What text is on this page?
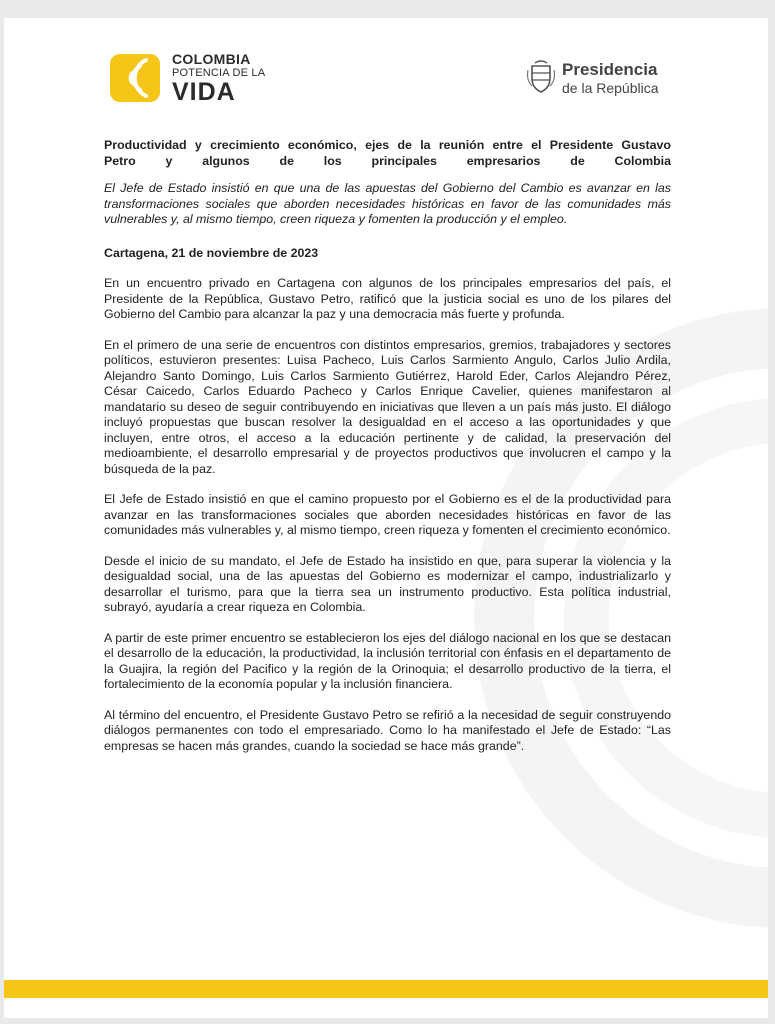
COLOMBIA
POTENCIA DE LA
VIDA
Presidencia
de la República

Productividad y crecimiento económico, ejes de la reunión entre el Presidente Gustavo
Petro y algunos de los principales empresarios de Colombia

El Jefe de Estado insistió en que una de las apuestas del Gobierno del Cambio es avanzar en las transformaciones sociales que aborden necesidades históricas en favor de las comunidades más vulnerables y, al mismo tiempo, creen riqueza y fomenten la producción y el empleo.

Cartagena, 21 de noviembre de 2023

En un encuentro privado en Cartagena con algunos de los principales empresarios del país, el Presidente de la República, Gustavo Petro, ratificó que la justicia social es uno de los pilares del Gobierno del Cambio para alcanzar la paz y una democracia más fuerte y profunda.

En el primero de una serie de encuentros con distintos empresarios, gremios, trabajadores y sectores políticos, estuvieron presentes: Luisa Pacheco, Luis Carlos Sarmiento Angulo, Carlos Julio Ardila, Alejandro Santo Domingo, Luis Carlos Sarmiento Gutiérrez, Harold Eder, Carlos Alejandro Pérez, César Caicedo, Carlos Eduardo Pacheco y Carlos Enrique Cavelier, quienes manifestaron al mandatario su deseo de seguir contribuyendo en iniciativas que lleven a un país más justo. El diálogo incluyó propuestas que buscan resolver la desigualdad en el acceso a las oportunidades y que incluyen, entre otros, el acceso a la educación pertinente y de calidad, la preservación del medioambiente, el desarrollo empresarial y de proyectos productivos que involucren el campo y la búsqueda de la paz.

El Jefe de Estado insistió en que el camino propuesto por el Gobierno es el de la productividad para avanzar en las transformaciones sociales que aborden necesidades históricas en favor de las comunidades más vulnerables y, al mismo tiempo, creen riqueza y fomenten el crecimiento económico.

Desde el inicio de su mandato, el Jefe de Estado ha insistido en que, para superar la violencia y la desigualdad social, una de las apuestas del Gobierno es modernizar el campo, industrializarlo y desarrollar el turismo, para que la tierra sea un instrumento productivo. Esta política industrial, subrayó, ayudaría a crear riqueza en Colombia.

A partir de este primer encuentro se establecieron los ejes del diálogo nacional en los que se destacan el desarrollo de la educación, la productividad, la inclusión territorial con énfasis en el departamento de la Guajira, la región del Pacifico y la región de la Orinoquia; el desarrollo productivo de la tierra, el fortalecimiento de la economía popular y la inclusión financiera.

Al término del encuentro, el Presidente Gustavo Petro se refirió a la necesidad de seguir construyendo diálogos permanentes con todo el empresariado. Como lo ha manifestado el Jefe de Estado: “Las empresas se hacen más grandes, cuando la sociedad se hace más grande”.
